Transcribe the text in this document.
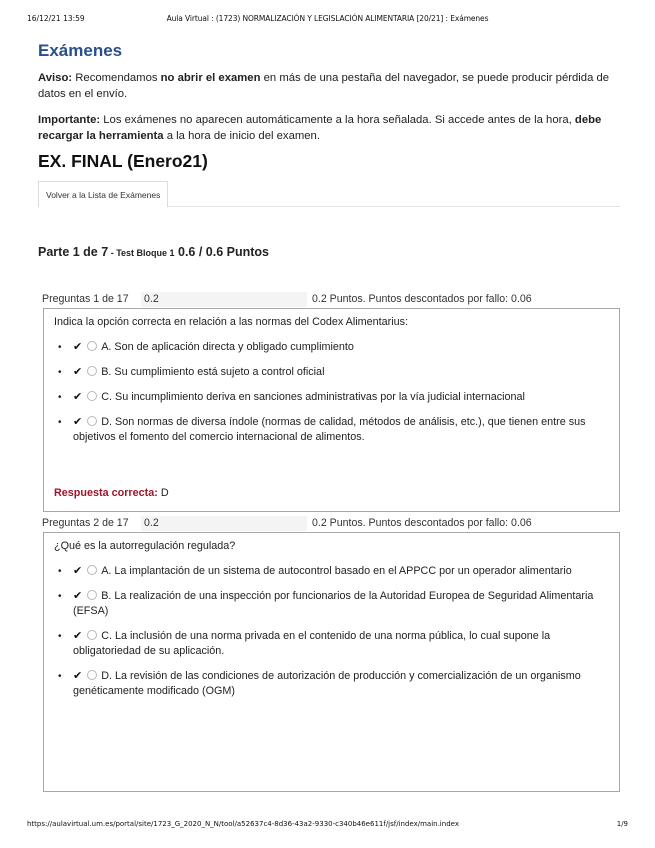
16/12/21 13:59	Aula Virtual : (1723) NORMALIZACIÓN Y LEGISLACIÓN ALIMENTARIA [20/21] : Exámenes
Exámenes

Aviso: Recomendamos no abrir el examen en más de una pestaña del navegador, se puede producir pérdida de datos en el envío.

Importante: Los exámenes no aparecen automáticamente a la hora señalada. Si accede antes de la hora, debe recargar la herramienta a la hora de inicio del examen.

EX. FINAL (Enero21)
Volver a la Lista de Exámenes
Parte 1 de 7 - Test Bloque 1 0.6 / 0.6 Puntos
Preguntas 1 de 17 0.2	0.2 Puntos. Puntos descontados por fallo: 0.06

Indica la opción correcta en relación a las normas del Codex Alimentarius:

• ✔ A. Son de aplicación directa y obligado cumplimiento
• ✔ B. Su cumplimiento está sujeto a control oficial
• ✔ C. Su incumplimiento deriva en sanciones administrativas por la vía judicial internacional
• ✔ D. Son normas de diversa índole (normas de calidad, métodos de análisis, etc.), que tienen entre sus objetivos el fomento del comercio internacional de alimentos.

Respuesta correcta: D

Preguntas 2 de 17 0.2	0.2 Puntos. Puntos descontados por fallo: 0.06

¿Qué es la autorregulación regulada?

• ✔ A. La implantación de un sistema de autocontrol basado en el APPCC por un operador alimentario
• ✔ B. La realización de una inspección por funcionarios de la Autoridad Europea de Seguridad Alimentaria (EFSA)
• ✔ C. La inclusión de una norma privada en el contenido de una norma pública, lo cual supone la obligatoriedad de su aplicación.
• ✔ D. La revisión de las condiciones de autorización de producción y comercialización de un organismo genéticamente modificado (OGM)
https://aulavirtual.um.es/portal/site/1723_G_2020_N_N/tool/a52637c4-8d36-43a2-9330-c340b46e611f/jsf/index/main.index	1/9
